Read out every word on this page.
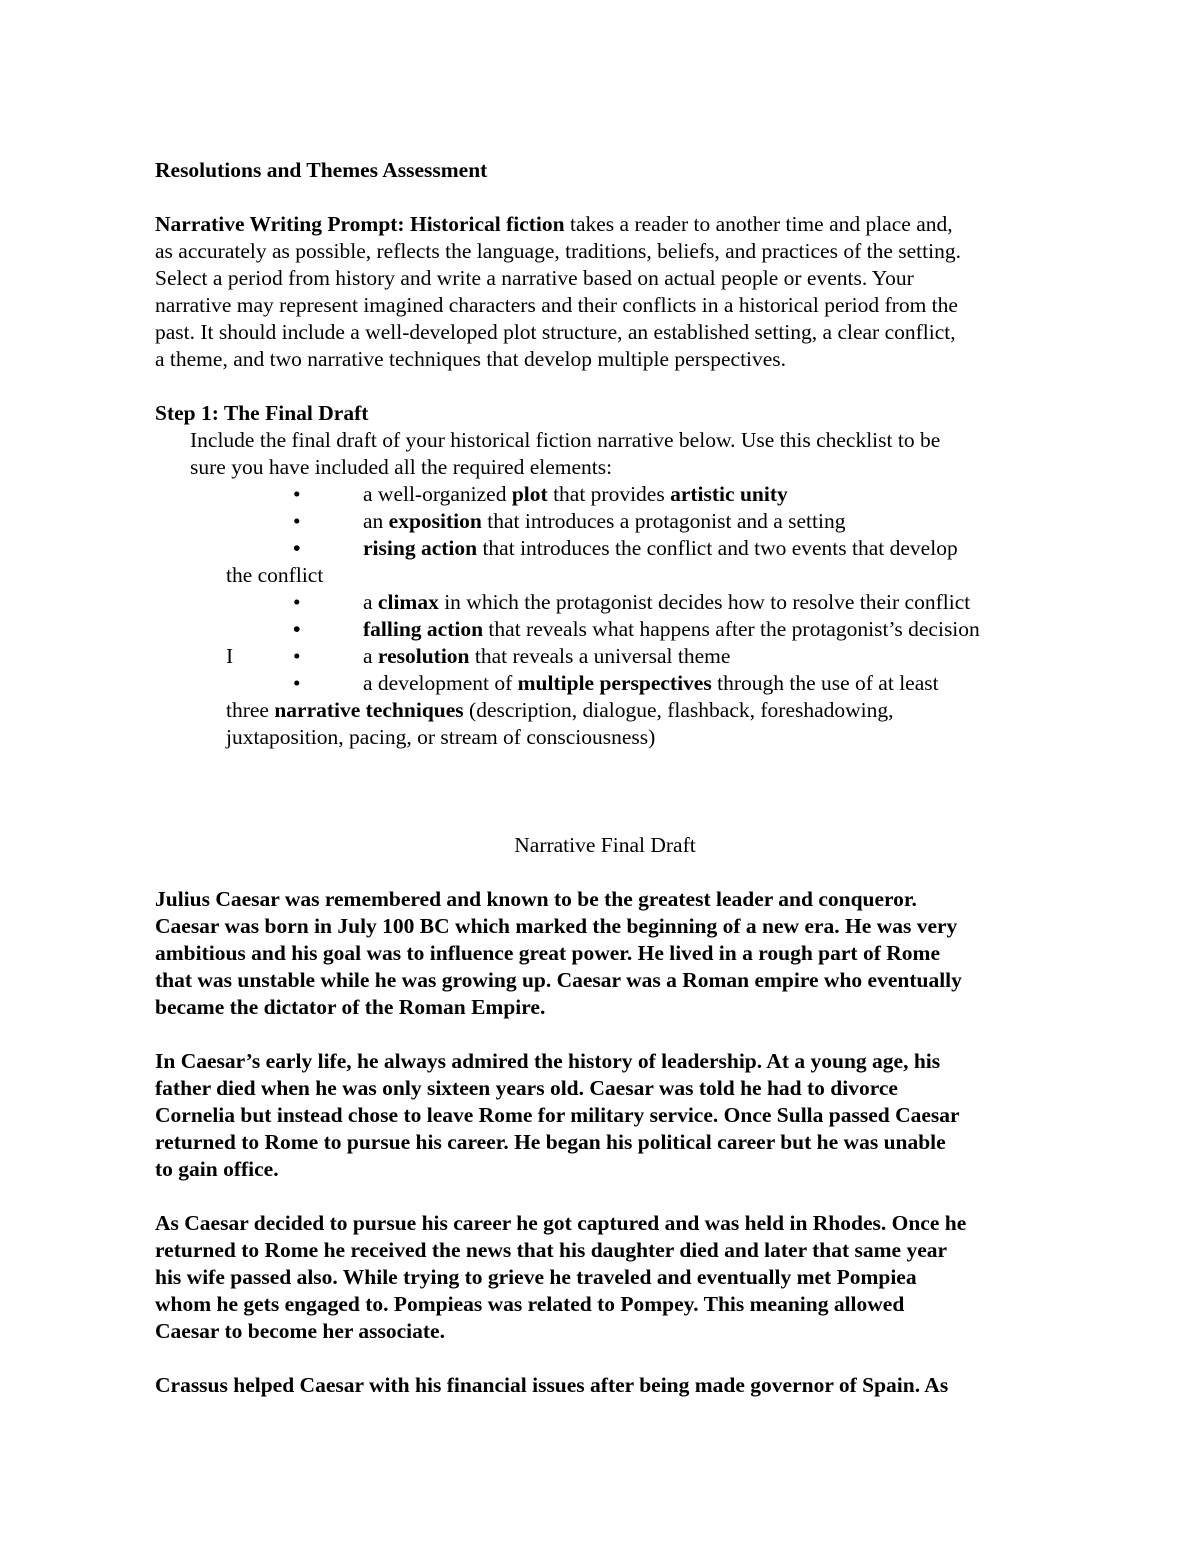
Resolutions and Themes Assessment
Narrative Writing Prompt: Historical fiction takes a reader to another time and place and,
as accurately as possible, reflects the language, traditions, beliefs, and practices of the setting.
Select a period from history and write a narrative based on actual people or events. Your
narrative may represent imagined characters and their conflicts in a historical period from the
past. It should include a well-developed plot structure, an established setting, a clear conflict,
a theme, and two narrative techniques that develop multiple perspectives.
Step 1: The Final Draft
Include the final draft of your historical fiction narrative below. Use this checklist to be
sure you have included all the required elements:
•	a well-organized plot that provides artistic unity
•	an exposition that introduces a protagonist and a setting
•	rising action that introduces the conflict and two events that develop
the conflict
•	a climax in which the protagonist decides how to resolve their conflict
•	falling action that reveals what happens after the protagonist’s decision
I	•	a resolution that reveals a universal theme
•	a development of multiple perspectives through the use of at least
three narrative techniques (description, dialogue, flashback, foreshadowing,
juxtaposition, pacing, or stream of consciousness)
Narrative Final Draft
Julius Caesar was remembered and known to be the greatest leader and conqueror.
Caesar was born in July 100 BC which marked the beginning of a new era. He was very
ambitious and his goal was to influence great power. He lived in a rough part of Rome
that was unstable while he was growing up. Caesar was a Roman empire who eventually
became the dictator of the Roman Empire.
In Caesar’s early life, he always admired the history of leadership. At a young age, his
father died when he was only sixteen years old. Caesar was told he had to divorce
Cornelia but instead chose to leave Rome for military service. Once Sulla passed Caesar
returned to Rome to pursue his career. He began his political career but he was unable
to gain office.
As Caesar decided to pursue his career he got captured and was held in Rhodes. Once he
returned to Rome he received the news that his daughter died and later that same year
his wife passed also. While trying to grieve he traveled and eventually met Pompiea
whom he gets engaged to. Pompieas was related to Pompey. This meaning allowed
Caesar to become her associate.
Crassus helped Caesar with his financial issues after being made governor of Spain. As
